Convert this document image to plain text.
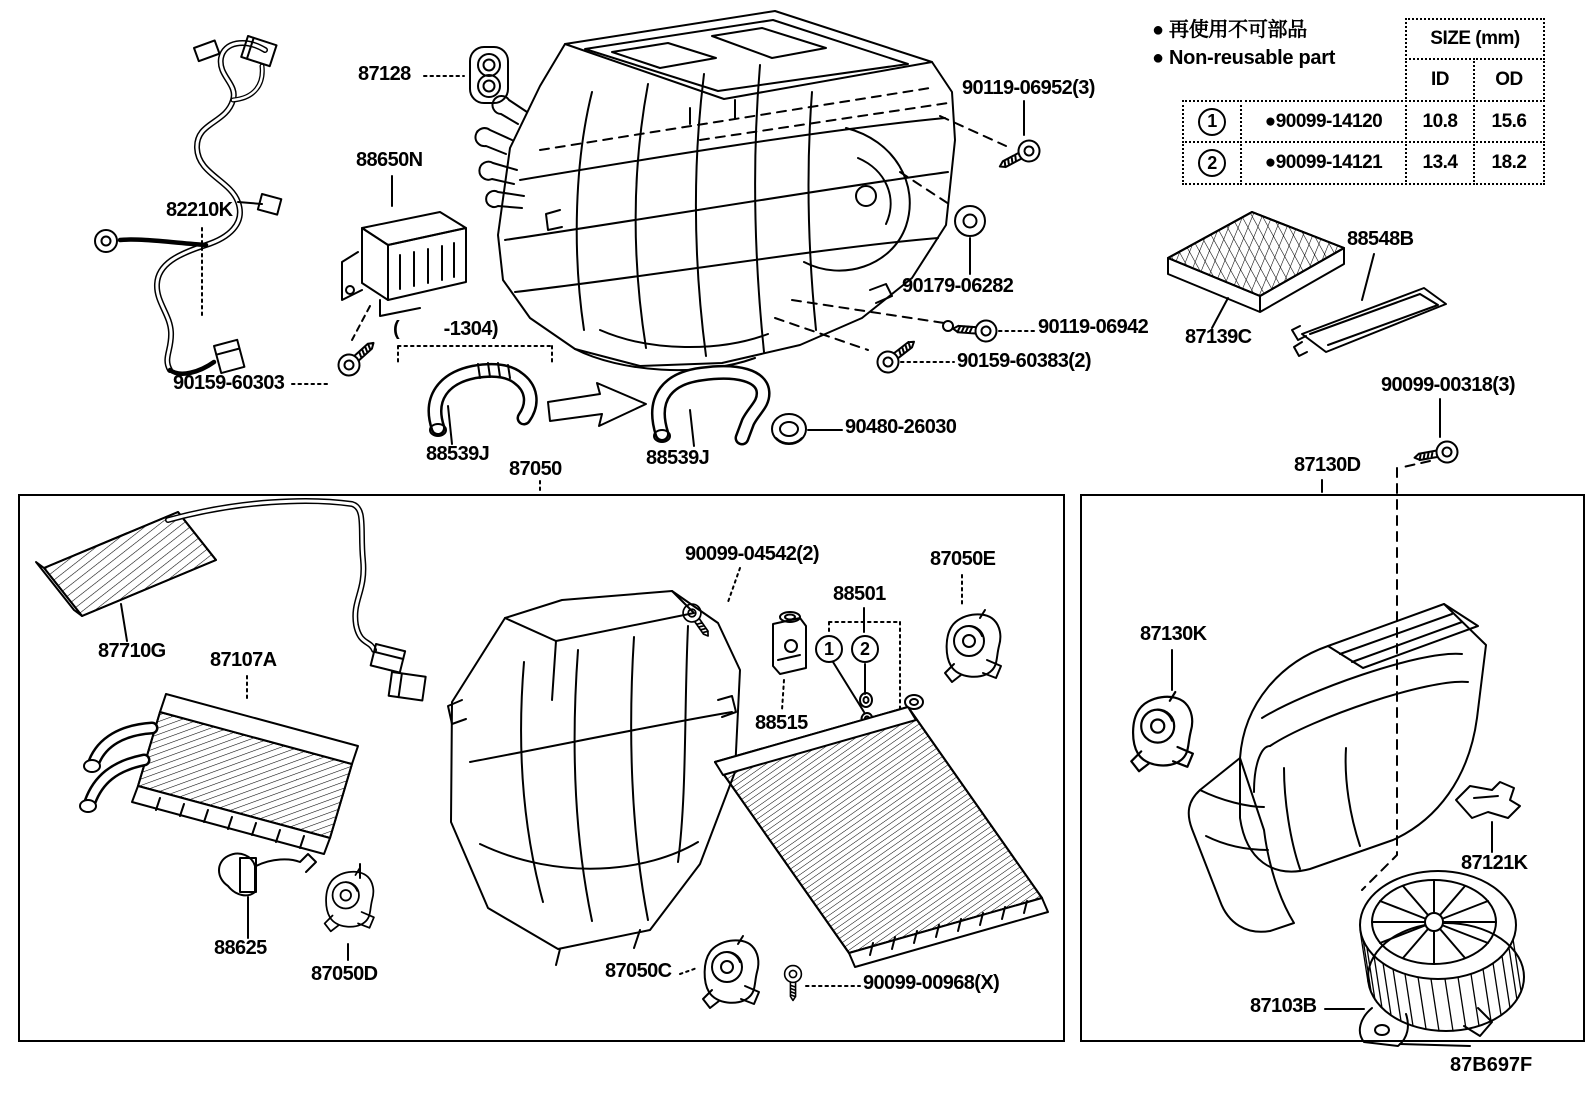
● 再使用不可部品
● Non-reusable part
SIZE (mm)
ID	OD
1	●90099-14120	10.8	15.6
2	●90099-14121	13.4	18.2
87128
88650N
82210K
90159-60303
(         -1304)
88539J
87050	88539J
90119-06952(3)
90179-06282
90119-06942
90159-60383(2)
90480-26030
88548B
87139C
90099-00318(3)
87130D
87710G 87107A
88625
87050D
90099-04542(2)
88501
87050E
88515
87050C
90099-00968(X)
87130K
87121K
87103B
1	2
87B697F
